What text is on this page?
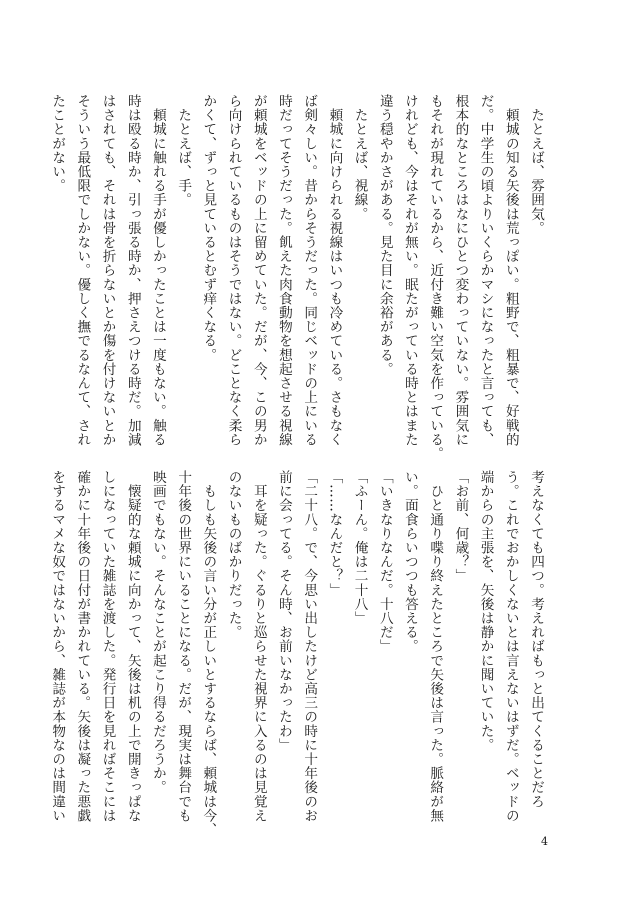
　たとえば、雰囲気。

　頼城の知る矢後は荒っぽい。粗野で、粗暴で、好戦的

だ。中学生の頃よりいくらかマシになったと言っても、

根本的なところはなにひとつ変わっていない。雰囲気に

もそれが現れているから、近付き難い空気を作っている。

けれども、今はそれが無い。眠たがっている時とはまた

違う穏やかさがある。見た目に余裕がある。

　たとえば、視線。

　頼城に向けられる視線はいつも冷めている。さもなく

ば剣々しい。昔からそうだった。同じベッドの上にいる

時だってそうだった。飢えた肉食動物を想起させる視線

が頼城をベッドの上に留めていた。だが、今、この男か

ら向けられているものはそうではない。どことなく柔ら

かくて、ずっと見ているとむず痒くなる。

　たとえば、手。

　頼城に触れる手が優しかったことは一度もない。触る

時は殴る時か、引っ張る時か、押さえつける時だ。加減

はされても、それは骨を折らないとか傷を付けないとか

そういう最低限でしかない。優しく撫でるなんて、され

たことがない。

考えなくても四つ。考えればもっと出てくることだろ

う。これでおかしくないとは言えないはずだ。ベッドの

端からの主張を、矢後は静かに聞いていた。

「お前、何歳？」

　ひと通り喋り終えたところで矢後は言った。脈絡が無

い。面食らいつつも答える。

「いきなりなんだ。十八だ」

「ふーん。俺は二十八」

「……なんだと？」

「二十八。で、今思い出したけど高三の時に十年後のお

前に会ってる。そん時、お前いなかったわ」

　耳を疑った。ぐるりと巡らせた視界に入るのは見覚え

のないものばかりだった。

　もしも矢後の言い分が正しいとするならば、頼城は今、

十年後の世界にいることになる。だが、現実は舞台でも

映画でもない。そんなことが起こり得るだろうか。

　懐疑的な頼城に向かって、矢後は机の上で開きっぱな

しになっていた雑誌を渡した。発行日を見ればそこには

確かに十年後の日付が書かれている。矢後は凝った悪戯

をするマメな奴ではないから、雑誌が本物なのは間違い

4
